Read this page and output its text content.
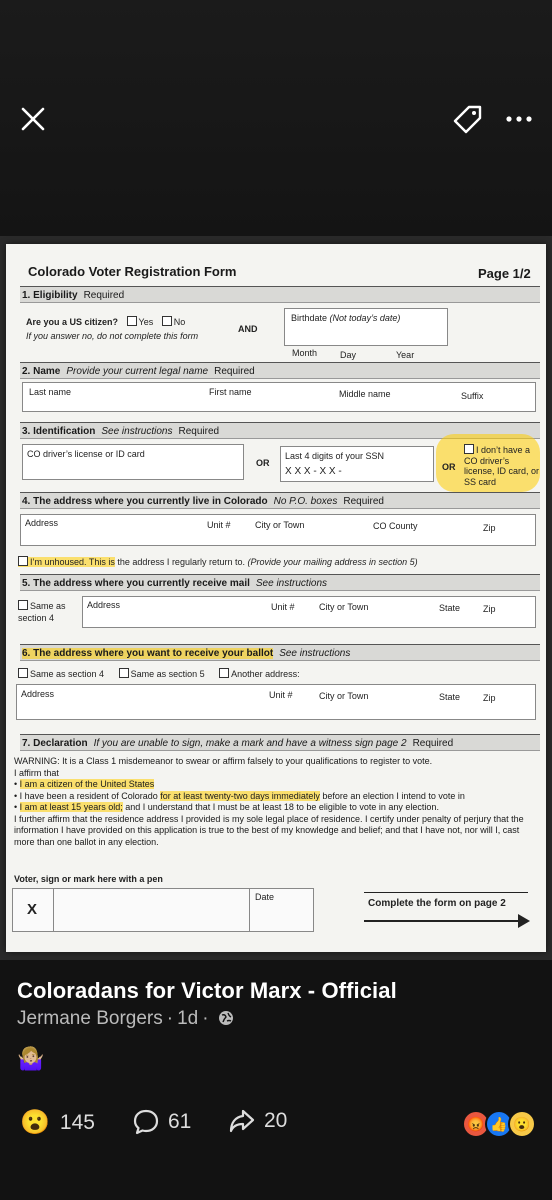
Colorado Voter Registration Form	Page 1/2
1. Eligibility Required
Are you a US citizen? Yes No
If you answer no, do not complete this form
AND
Birthdate (Not today’s date)
Month	Day	Year
2. Name Provide your current legal name Required
Last name	First name	Middle name	Suffix
3. Identification See instructions Required
CO driver’s license or ID card
OR
Last 4 digits of your SSN
X X X - X X -	OR
I don’t have a CO driver’s license, ID card, or SS card
4. The address where you currently live in Colorado No P.O. boxes Required
Address	Unit #	City or Town	CO County	Zip
I’m unhoused. This is the address I regularly return to. (Provide your mailing address in section 5)
5. The address where you currently receive mail See instructions
Same as section 4
Address	Unit #	City or Town	State	Zip
6. The address where you want to receive your ballot See instructions
Same as section 4	Same as section 5	Another address:
Address	Unit #	City or Town	State	Zip
7. Declaration If you are unable to sign, make a mark and have a witness sign page 2 Required
WARNING: It is a Class 1 misdemeanor to swear or affirm falsely to your qualifications to register to vote.
I affirm that
• I am a citizen of the United States
• I have been a resident of Colorado for at least twenty-two days immediately before an election I intend to vote in
• I am at least 15 years old; and I understand that I must be at least 18 to be eligible to vote in any election.
I further affirm that the residence address I provided is my sole legal place of residence. I certify under penalty of perjury that the information I have provided on this application is true to the best of my knowledge and belief; and that I have not, nor will I, cast more than one ballot in any election.
Voter, sign or mark here with a pen
X
Date
Complete the form on page 2
Coloradans for Victor Marx - Official
Jermane Borgers · 1d ·
🤷🏼‍♀️
😮 145	61	20	😡 👍 😮
